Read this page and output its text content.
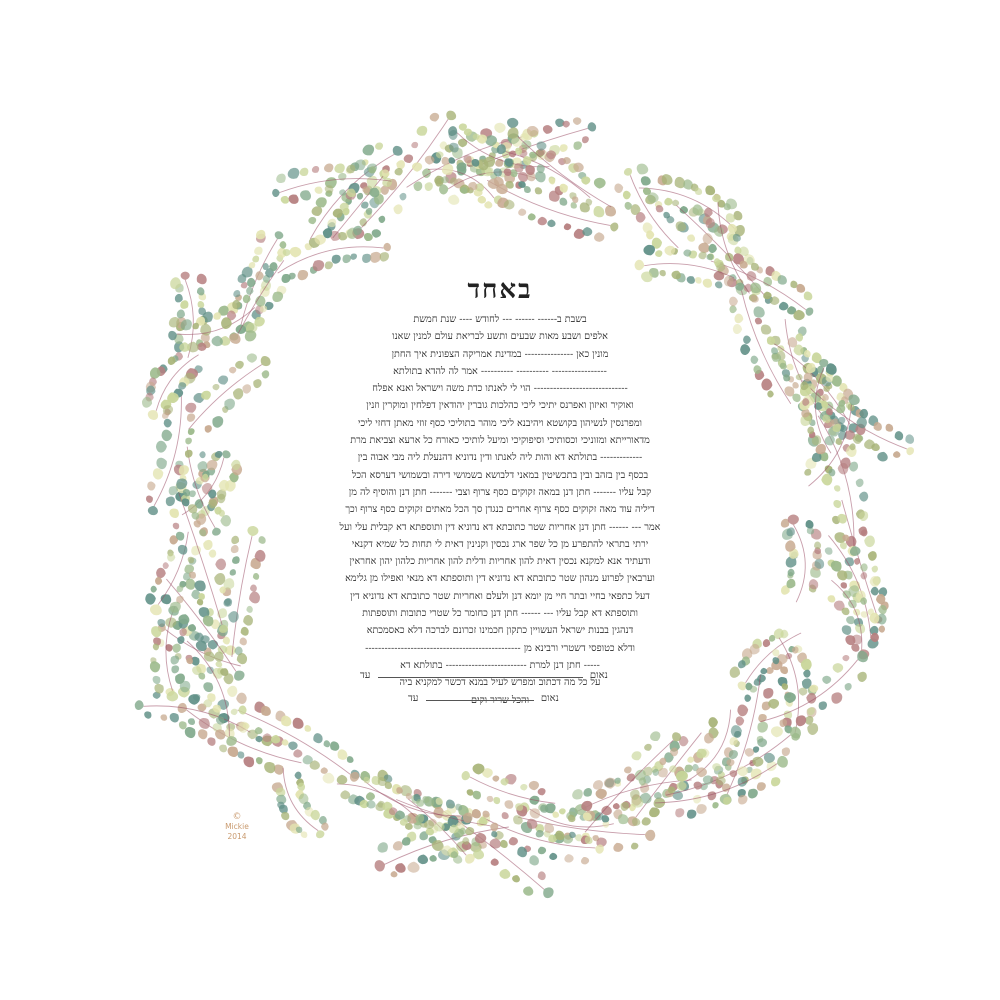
באחד
בשבת ב------ ------ --- לחודש ---- שנת חמשת
אלפים ושבע מאות שבעים ותשע לבריאת עולם למנין שאנו
מונין כאן --------------- במדינת אמריקה הצפונית איך החתן
----------------- ---------- ---------- אמר לה להדא בתולתא
----------------------------- הוי לי לאנתו כדת משה וישראל ואנא אפלח
ואוקיר ואיזון ואפרנס יתיכי ליכי כהלכות גוברין יהודאין דפלחין ומוקרין וזנין
ומפרנסין לנשיהון בקושטא ויהיבנא ליכי מוהר בתוליכי כסף זוזי מאתן דחזי ליכי
מדאורייתא ומזוניכי וכסותיכי וסיפוקיכי ומיעל לותיכי כאורח כל ארעא וצביאת מרת
------------- בתולתא דא והות ליה לאנתו ודין נדוניא דהנעלת ליה מבי אבוה בין
בכסף בין בזהב ובין בתכשיטין במאני דלבושא בשמושי דירה ובשמושי דערסא הכל
קבל עליו ------- חתן דנן במאה זקוקים כסף צרוף וצבי ------- חתן דנן והוסיף לה מן
דיליה עוד מאה זקוקים כסף צרוף אחרים כנגדן סך הכל מאתים זקוקים כסף צרוף וכך
אמר --- ------ חתן דנן אחריות שטר כתובתא דא נדוניא דין ותוספתא דא קבלית עלי ועל
ירתי בתראי להתפרע מן כל שפר ארג נכסין וקנינין דאית לי תחות כל שמיא דקנאי
ודעתיד אנא למקנא נכסין דאית להון אחריות ודלית להון אחריות כלהון יהון אחראין
וערבאין לפרוע מנהון שטר כתובתא דא נדוניא דין ותוספתא דא מנאי ואפילו מן גלימא
דעל כתפאי בחיי ובתר חיי מן יומא דנן ולעלם ואחריות שטר כתובתא דא נדוניא דין
ותוספתא דא קבל עליו --- ------ חתן דנן כחומר כל שטרי כתובות ותוספתות
דנהגין בבנות ישראל העשויין כתקון חכמינו זכרונם לברכה דלא כאסמכתא
ודלא כטופסי דשטרי ורבינא מן ------------------------------------------------
----- חתן דנן למרת ------------------------- בתולתא דא
על כל מה דכתוב ומפרש לעיל במנא דכשר למקניא ביה
והכל שריר וקים
נאום  עד
נאום  עד
©
Mickie
2014
